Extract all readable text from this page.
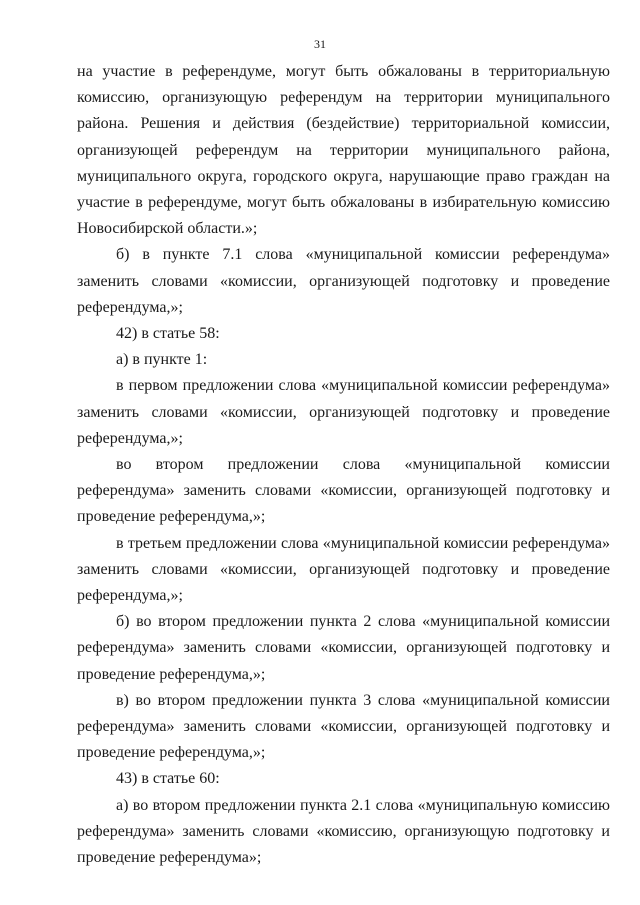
31

на участие в референдуме, могут быть обжалованы в территориальную комиссию, организующую референдум на территории муниципального района. Решения и действия (бездействие) территориальной комиссии, организующей референдум на территории муниципального района, муниципального округа, городского округа, нарушающие право граждан на участие в референдуме, могут быть обжалованы в избирательную комиссию Новосибирской области.»;

б) в пункте 7.1 слова «муниципальной комиссии референдума» заменить словами «комиссии, организующей подготовку и проведение референдума,»;

42) в статье 58:

а) в пункте 1:

в первом предложении слова «муниципальной комиссии референдума» заменить словами «комиссии, организующей подготовку и проведение референдума,»;

во втором предложении слова «муниципальной комиссии референдума» заменить словами «комиссии, организующей подготовку и проведение референдума,»;

в третьем предложении слова «муниципальной комиссии референдума» заменить словами «комиссии, организующей подготовку и проведение референдума,»;

б) во втором предложении пункта 2 слова «муниципальной комиссии референдума» заменить словами «комиссии, организующей подготовку и проведение референдума,»;

в) во втором предложении пункта 3 слова «муниципальной комиссии референдума» заменить словами «комиссии, организующей подготовку и проведение референдума,»;

43) в статье 60:

а) во втором предложении пункта 2.1 слова «муниципальную комиссию референдума» заменить словами «комиссию, организующую подготовку и проведение референдума»;
